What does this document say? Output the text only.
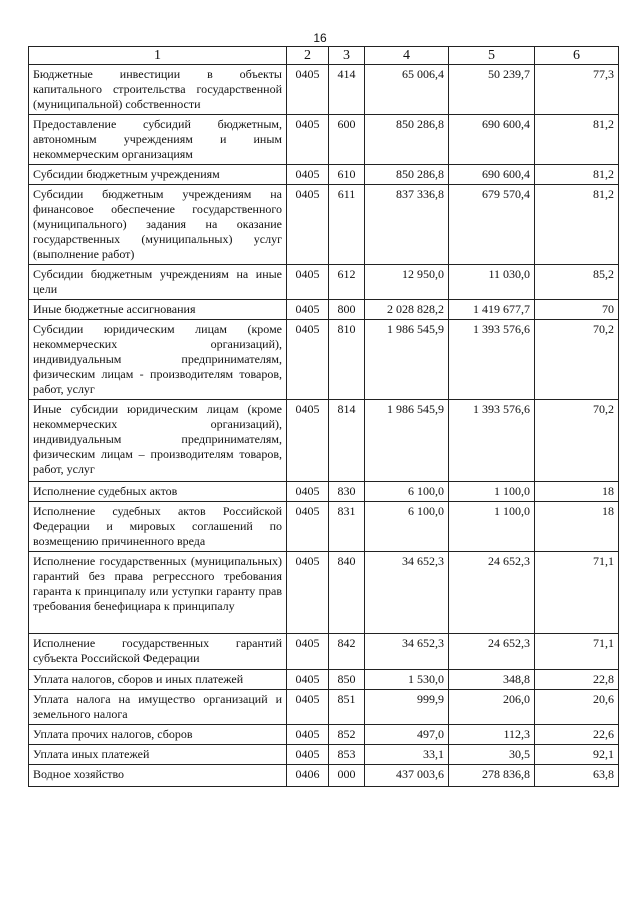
16
1	2	3	4	5	6
Бюджетные инвестиции в объекты капитального строительства государственной (муниципальной) собственности	0405	414	65 006,4	50 239,7	77,3
Предоставление субсидий бюджетным, автономным учреждениям и иным некоммерческим организациям	0405	600	850 286,8	690 600,4	81,2
Субсидии бюджетным учреждениям	0405	610	850 286,8	690 600,4	81,2
Субсидии бюджетным учреждениям на финансовое обеспечение государственного (муниципального) задания на оказание государственных (муниципальных) услуг (выполнение работ)	0405	611	837 336,8	679 570,4	81,2
Субсидии бюджетным учреждениям на иные цели	0405	612	12 950,0	11 030,0	85,2
Иные бюджетные ассигнования	0405	800	2 028 828,2	1 419 677,7	70
Субсидии юридическим лицам (кроме некоммерческих организаций), индивидуальным предпринимателям, физическим лицам - производителям товаров, работ, услуг	0405	810	1 986 545,9	1 393 576,6	70,2
Иные субсидии юридическим лицам (кроме некоммерческих организаций), индивидуальным предпринимателям, физическим лицам – производителям товаров, работ, услуг	0405	814	1 986 545,9	1 393 576,6	70,2
Исполнение судебных актов	0405	830	6 100,0	1 100,0	18
Исполнение судебных актов Российской Федерации и мировых соглашений по возмещению причиненного вреда	0405	831	6 100,0	1 100,0	18
Исполнение государственных (муниципальных) гарантий без права регрессного требования гаранта к принципалу или уступки гаранту прав требования бенефициара к принципалу	0405	840	34 652,3	24 652,3	71,1
Исполнение государственных гарантий субъекта Российской Федерации	0405	842	34 652,3	24 652,3	71,1
Уплата налогов, сборов и иных платежей	0405	850	1 530,0	348,8	22,8
Уплата налога на имущество организаций и земельного налога	0405	851	999,9	206,0	20,6
Уплата прочих налогов, сборов	0405	852	497,0	112,3	22,6
Уплата иных платежей	0405	853	33,1	30,5	92,1
Водное хозяйство	0406	000	437 003,6	278 836,8	63,8
